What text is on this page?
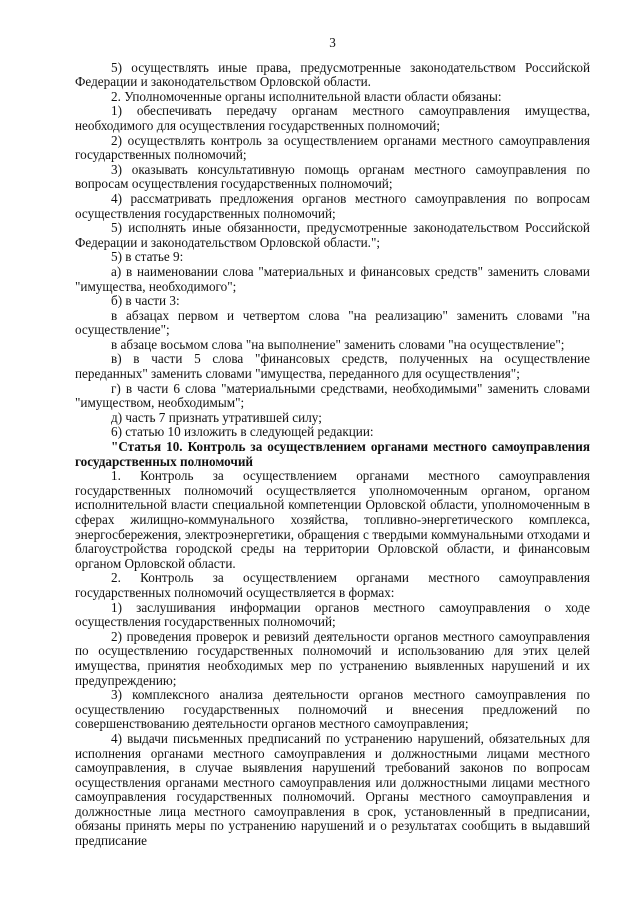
3

5) осуществлять иные права, предусмотренные законодательством Российской Федерации и законодательством Орловской области.

2. Уполномоченные органы исполнительной власти области обязаны:

1) обеспечивать передачу органам местного самоуправления имущества, необходимого для осуществления государственных полномочий;

2) осуществлять контроль за осуществлением органами местного самоуправления государственных полномочий;

3) оказывать консультативную помощь органам местного самоуправления по вопросам осуществления государственных полномочий;

4) рассматривать предложения органов местного самоуправления по вопросам осуществления государственных полномочий;

5) исполнять иные обязанности, предусмотренные законодательством Российской Федерации и законодательством Орловской области.";

5) в статье 9:

а) в наименовании слова "материальных и финансовых средств" заменить словами "имущества, необходимого";

б) в части 3:

в абзацах первом и четвертом слова "на реализацию" заменить словами "на осуществление";

в абзаце восьмом слова "на выполнение" заменить словами "на осуществление";

в) в части 5 слова "финансовых средств, полученных на осуществление переданных" заменить словами "имущества, переданного для осуществления";

г) в части 6 слова "материальными средствами, необходимыми" заменить словами "имуществом, необходимым";

д) часть 7 признать утратившей силу;

6) статью 10 изложить в следующей редакции:

"Статья 10. Контроль за осуществлением органами местного самоуправления государственных полномочий

1. Контроль за осуществлением органами местного самоуправления государственных полномочий осуществляется уполномоченным органом, органом исполнительной власти специальной компетенции Орловской области, уполномоченным в сферах жилищно-коммунального хозяйства, топливно-энергетического комплекса, энергосбережения, электроэнергетики, обращения с твердыми коммунальными отходами и благоустройства городской среды на территории Орловской области, и финансовым органом Орловской области.

2. Контроль за осуществлением органами местного самоуправления государственных полномочий осуществляется в формах:

1) заслушивания информации органов местного самоуправления о ходе осуществления государственных полномочий;

2) проведения проверок и ревизий деятельности органов местного самоуправления по осуществлению государственных полномочий и использованию для этих целей имущества, принятия необходимых мер по устранению выявленных нарушений и их предупреждению;

3) комплексного анализа деятельности органов местного самоуправления по осуществлению государственных полномочий и внесения предложений по совершенствованию деятельности органов местного самоуправления;

4) выдачи письменных предписаний по устранению нарушений, обязательных для исполнения органами местного самоуправления и должностными лицами местного самоуправления, в случае выявления нарушений требований законов по вопросам осуществления органами местного самоуправления или должностными лицами местного самоуправления государственных полномочий. Органы местного самоуправления и должностные лица местного самоуправления в срок, установленный в предписании, обязаны принять меры по устранению нарушений и о результатах сообщить в выдавший предписание
